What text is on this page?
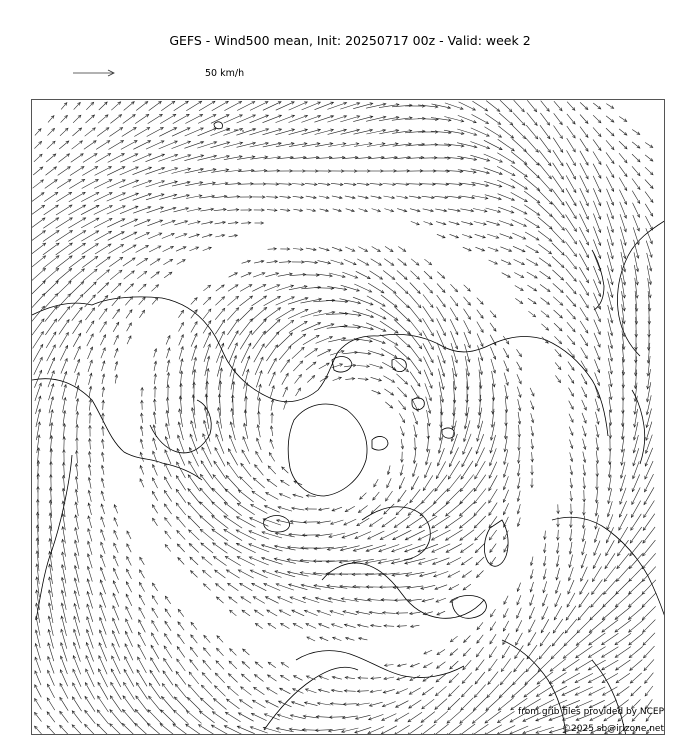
GEFS - Wind500 mean, Init: 20250717 00z - Valid: week 2
50 km/h
from grib files provided by NCEP
©2025 sb@irizone.net
